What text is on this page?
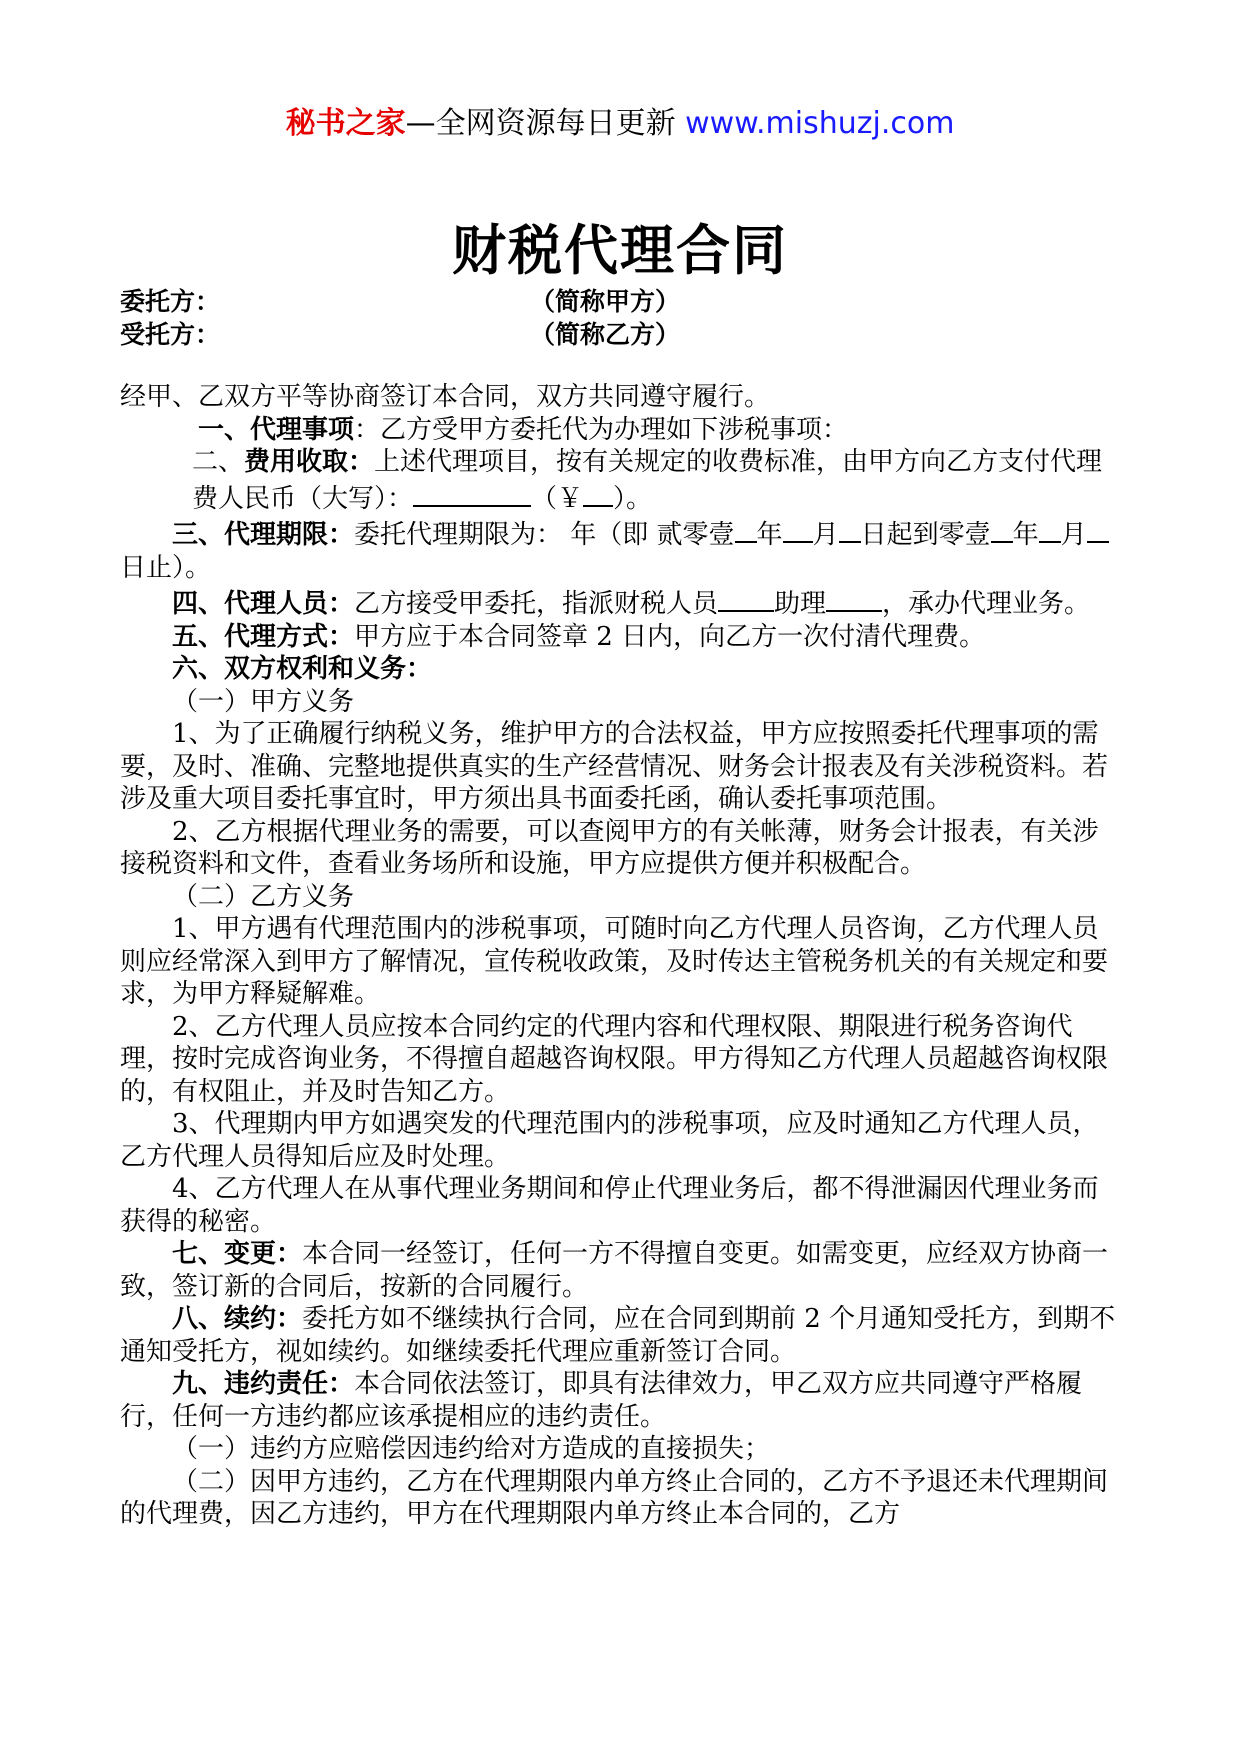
秘书之家—全网资源每日更新 www.mishuzj.com
财税代理合同
委托方：	（简称甲方）
受托方：	（简称乙方）

经甲、乙双方平等协商签订本合同，双方共同遵守履行。

一、代理事项：乙方受甲方委托代为办理如下涉税事项：

二、费用收取：上述代理项目，按有关规定的收费标准，由甲方向乙方支付代理费人民币（大写）：	（￥ ）。

三、代理期限：委托代理期限为： 年（即 贰零壹 年 月 日起到零壹 年 月日止）。

四、代理人员：乙方接受甲委托，指派财税人员 助理 ，承办代理业务。

五、代理方式：甲方应于本合同签章 2 日内，向乙方一次付清代理费。

六、双方权利和义务：

（一）甲方义务

1、为了正确履行纳税义务，维护甲方的合法权益，甲方应按照委托代理事项的需要，及时、准确、完整地提供真实的生产经营情况、财务会计报表及有关涉税资料。若涉及重大项目委托事宜时，甲方须出具书面委托函，确认委托事项范围。

2、乙方根据代理业务的需要，可以查阅甲方的有关帐薄，财务会计报表，有关涉接税资料和文件，查看业务场所和设施，甲方应提供方便并积极配合。

（二）乙方义务

1、甲方遇有代理范围内的涉税事项，可随时向乙方代理人员咨询，乙方代理人员则应经常深入到甲方了解情况，宣传税收政策，及时传达主管税务机关的有关规定和要求，为甲方释疑解难。

2、乙方代理人员应按本合同约定的代理内容和代理权限、期限进行税务咨询代理，按时完成咨询业务，不得擅自超越咨询权限。甲方得知乙方代理人员超越咨询权限的，有权阻止，并及时告知乙方。

3、代理期内甲方如遇突发的代理范围内的涉税事项，应及时通知乙方代理人员，乙方代理人员得知后应及时处理。

4、乙方代理人在从事代理业务期间和停止代理业务后，都不得泄漏因代理业务而获得的秘密。

七、变更：本合同一经签订，任何一方不得擅自变更。如需变更，应经双方协商一致，签订新的合同后，按新的合同履行。

八、续约：委托方如不继续执行合同，应在合同到期前 2 个月通知受托方，到期不通知受托方，视如续约。如继续委托代理应重新签订合同。

九、违约责任：本合同依法签订，即具有法律效力，甲乙双方应共同遵守严格履行，任何一方违约都应该承提相应的违约责任。

（一）违约方应赔偿因违约给对方造成的直接损失；

（二）因甲方违约，乙方在代理期限内单方终止合同的，乙方不予退还未代理期间的代理费，因乙方违约，甲方在代理期限内单方终止本合同的，乙方
